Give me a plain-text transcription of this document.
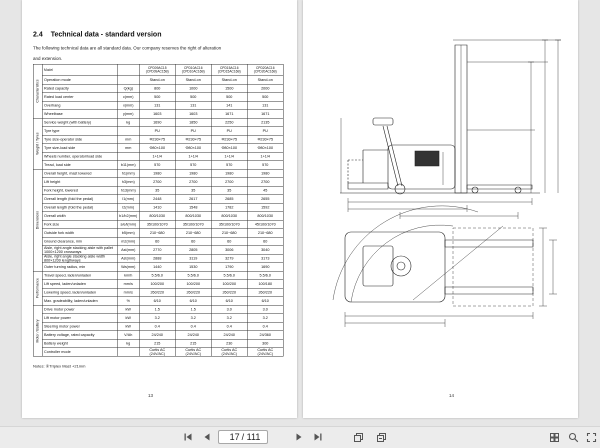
2.4 Technical data - standard version
The following technical data are all standard data. Our company reserves the right of alteration
and extension.
Characteristics	Model		CPD09AC15
(CPD09AC15B)	CPD10AC16
(CPD10AC16B)	CPD15AC16
(CPD15AC16B)	CPD20AC16
(CPD20AC16B)
	Operation mode		Stand-on	Stand-on	Stand-on	Stand-on
	Rated capacity	Q(kg)	800	1000	1500	2000
	Rated load center	c(mm)	500	500	500	500
	Overhang	x(mm)	131	131	141	131
	Wheelbase	y(mm)	1603	1603	1671	1671

Weight / Tyres	Service weight (with battery)	kg	1690	1850	2250	2135
	Tyre type		PU	PU	PU	PU
	Tyre size-operator side	mm	Φ230×75	Φ230×75	Φ230×75	Φ230×75
	Tyre size-load side	mm	Φ80×100	Φ80×100	Φ80×100	Φ80×100
	Wheels number, operator/load side		1+1/4	1+1/4	1+1/4	1+1/4
	Tread, load side	b11(mm)	570	570	570	570

Dimensions	Overall height, mast lowered	h1(mm)	1980	1980	1980	1980
	Lift height	h3(mm)	2700	2700	2700	2700
	Fork height, lowered	h13(mm)	35	35	35	45
	Overall length (fold the pedal)	l1(mm)	2448	2617	2685	2655
	Overall length (fold the pedal)	l2(mm)	1410	1548	1782	1592
	Overall width	b1/b2(mm)	800/1030	800/1030	800/1030	800/1030
	Fork size	s/e/l(mm)	35/100/1070	35/100/1070	35/100/1070	45/100/1070
	Outside fork width	b5(mm)	210~680	210~680	210~680	210~680
	Ground clearance, min	m2(mm)	60	60	60	60
	Aisle, right angle stacking aisle with pallet 1000×1200 crossways	Ast(mm)	2770	2805	3006	3040
	Aisle, right angle stacking aisle width 800×1200 lengthways	Ast(mm)	2888	3119	3279	3173
	Outer turning radius, min	Wa(mm)	1440	1530	1790	1690

Performance	Travel speed, laden/unladen	km/h	5.5/6.0	5.5/6.0	5.5/6.0	5.5/6.0
	Lift speed, laden/unladen	mm/s	100/200	100/200	100/200	100/180
	Lowering speed, laden/unladen	mm/s	260/220	260/220	260/220	260/220
	Max. gradeability, laden/unladen	%	6/10	6/10	6/10	6/10

Motor / Battery	Drive motor power	kW	1.5	1.5	3.0	3.0
	Lift motor power	kW	3.2	3.2	3.2	3.2
	Steering motor power	kW	0.4	0.4	0.4	0.4
	Battery voltage, rated capacity	V/Ah	24/240	24/240	24/240	24/360
	Battery weight	kg	215	215	230	300
	Controller mode		Curtis AC
(24V/AC)	Curtis AC
(24V/AC)	Curtis AC
(24V/AC)	Curtis AC
(24V/AC)
Notes: ①Triplex Mast +21mm
13	14
17
/ 111
